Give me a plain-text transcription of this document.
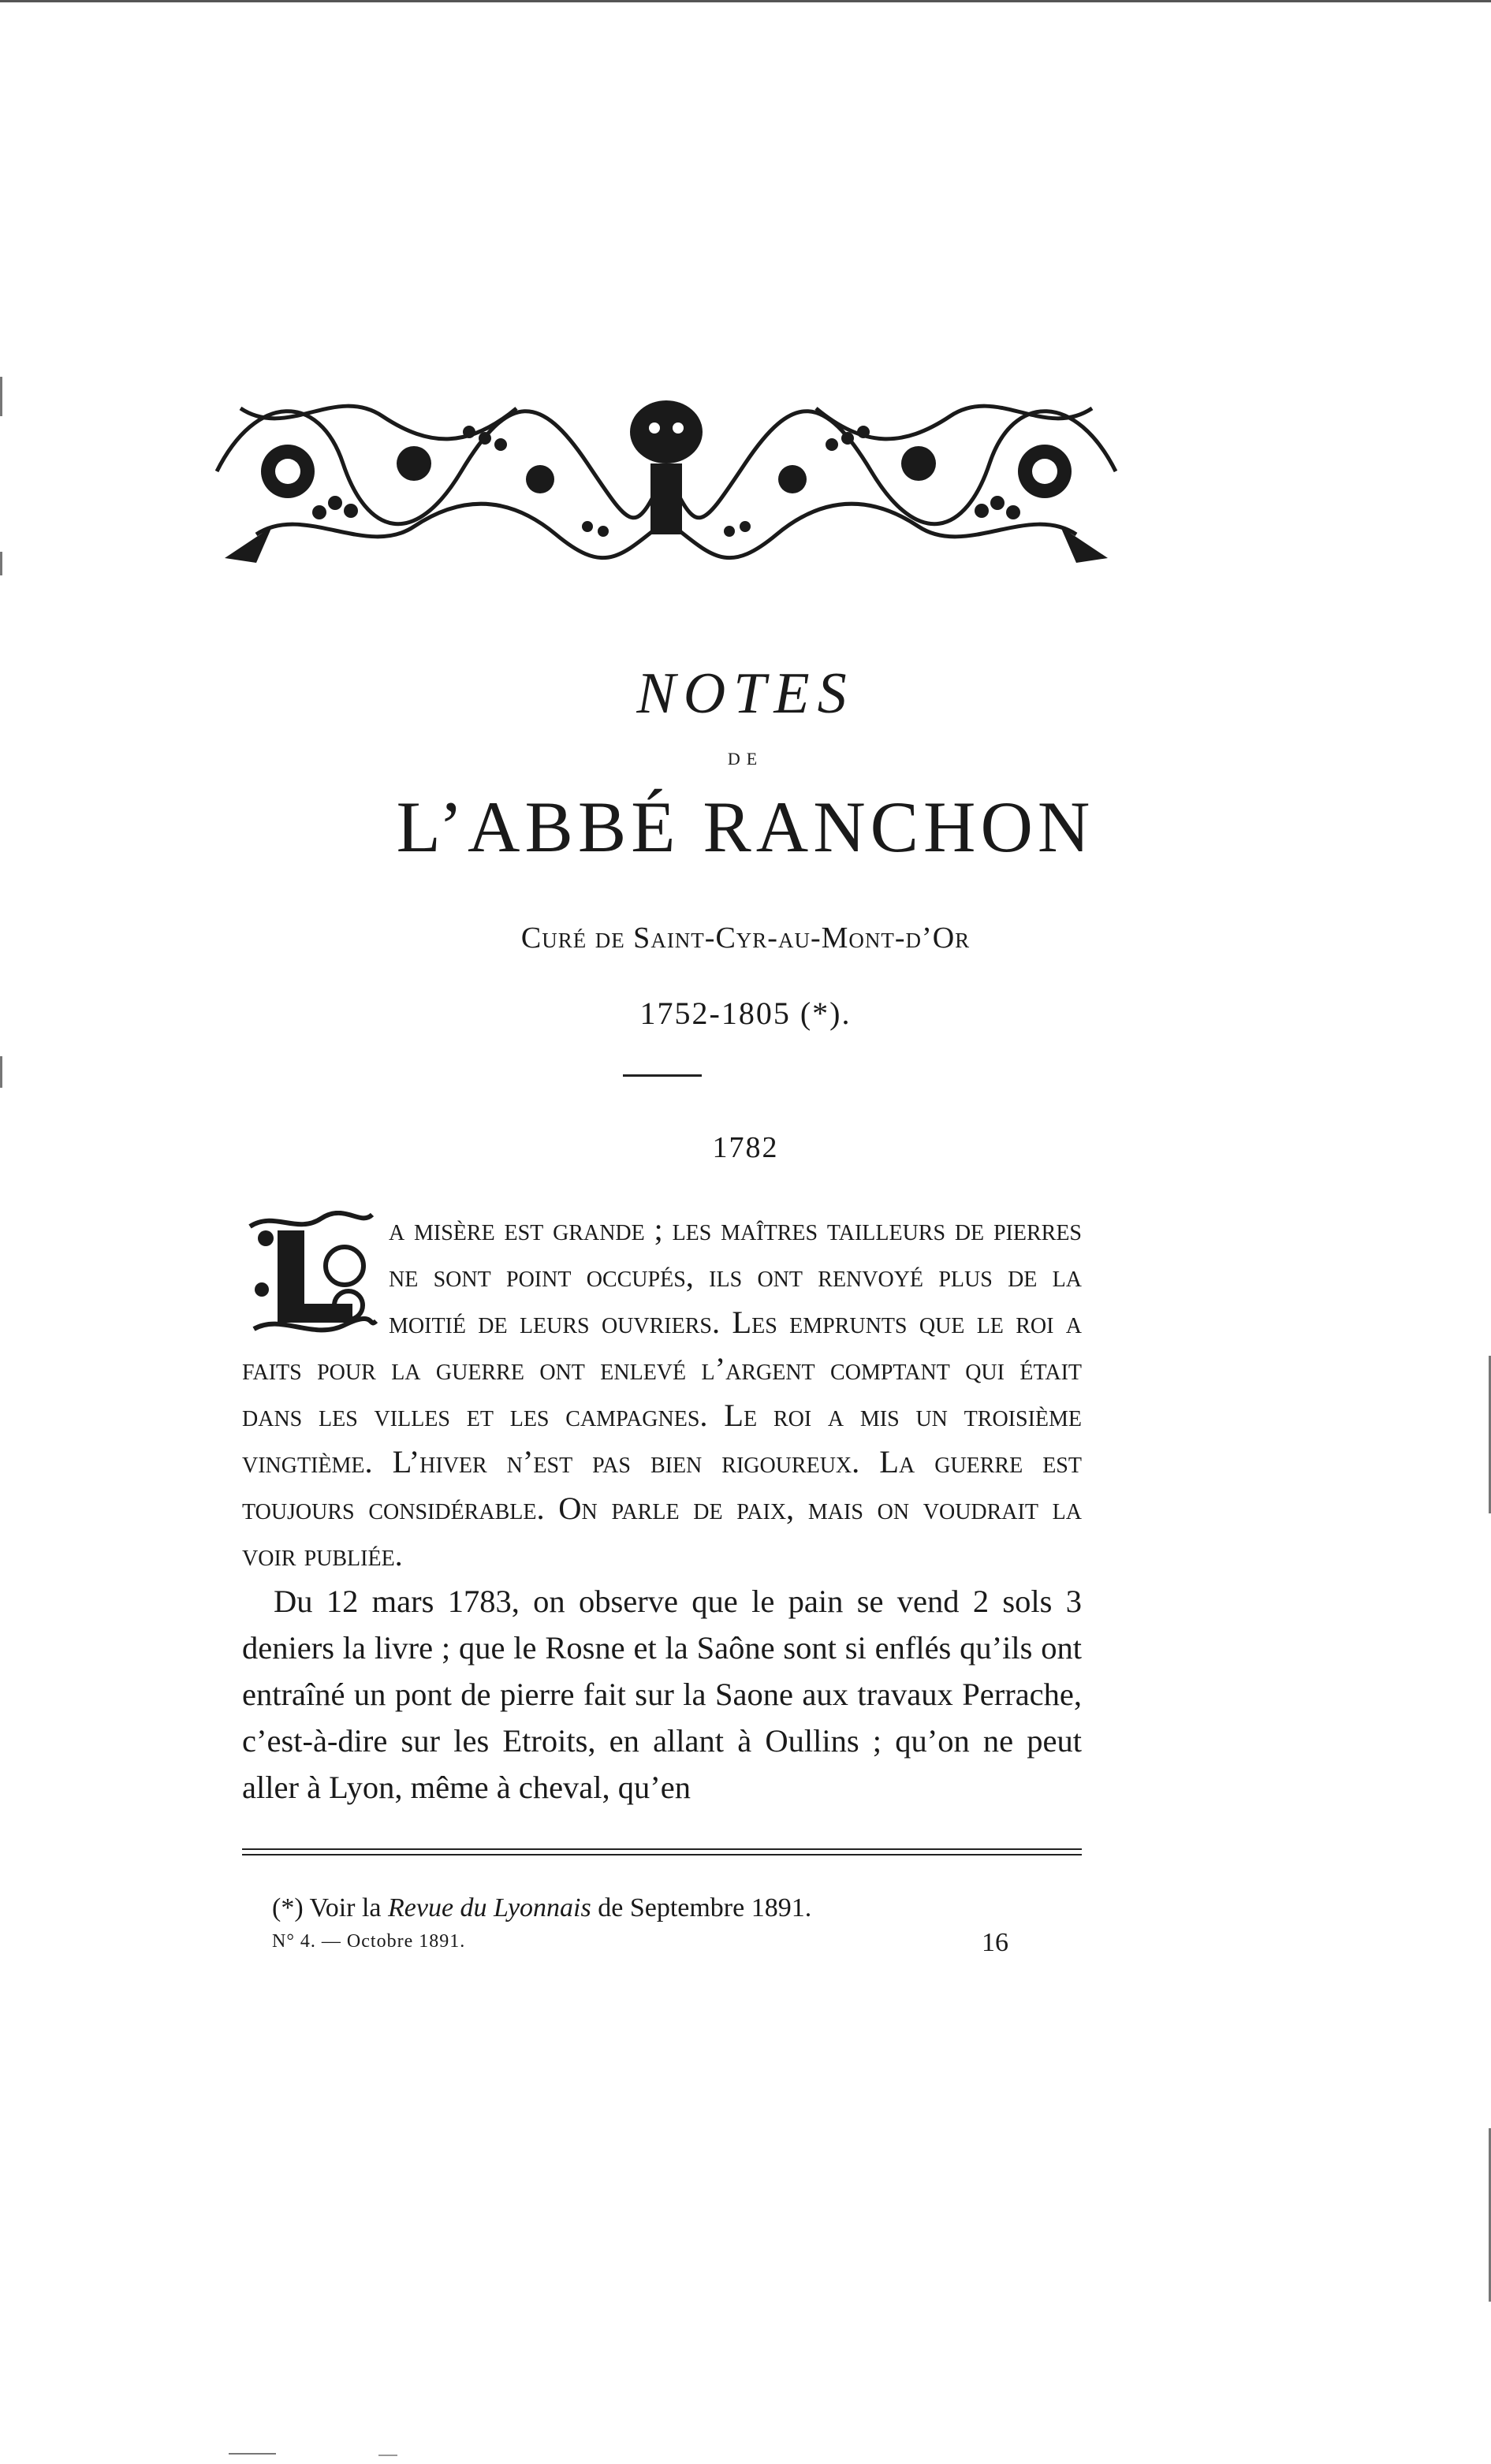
NOTES
DE
L’ABBÉ RANCHON
Curé de Saint-Cyr-au-Mont-d’Or
1752-1805 (*).
1782

a misère est grande ; les maîtres tailleurs de pierres ne sont point occupés, ils ont renvoyé plus de la moitié de leurs ouvriers. Les emprunts que le roi a faits pour la guerre ont enlevé l’argent comptant qui était dans les villes et les campagnes. Le roi a mis un troisième vingtième. L’hiver n’est pas bien rigoureux. La guerre est toujours considérable. On parle de paix, mais on voudrait la voir publiée.

Du 12 mars 1783, on observe que le pain se vend 2 sols 3 deniers la livre ; que le Rosne et la Saône sont si enflés qu’ils ont entraîné un pont de pierre fait sur la Saone aux travaux Perrache, c’est-à-dire sur les Etroits, en allant à Oullins ; qu’on ne peut aller à Lyon, même à cheval, qu’en

(*) Voir la Revue du Lyonnais de Septembre 1891.
N° 4. — Octobre 1891.	16
